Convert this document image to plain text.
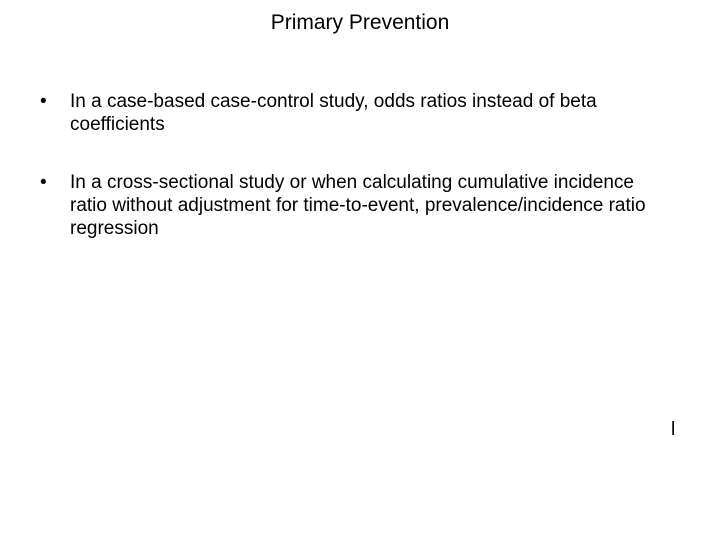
Primary Prevention
• In a case-based case-control study, odds ratios instead of beta coefficients
• In a cross-sectional study or when calculating cumulative incidence ratio without adjustment for time-to-event, prevalence/incidence ratio regression
l
